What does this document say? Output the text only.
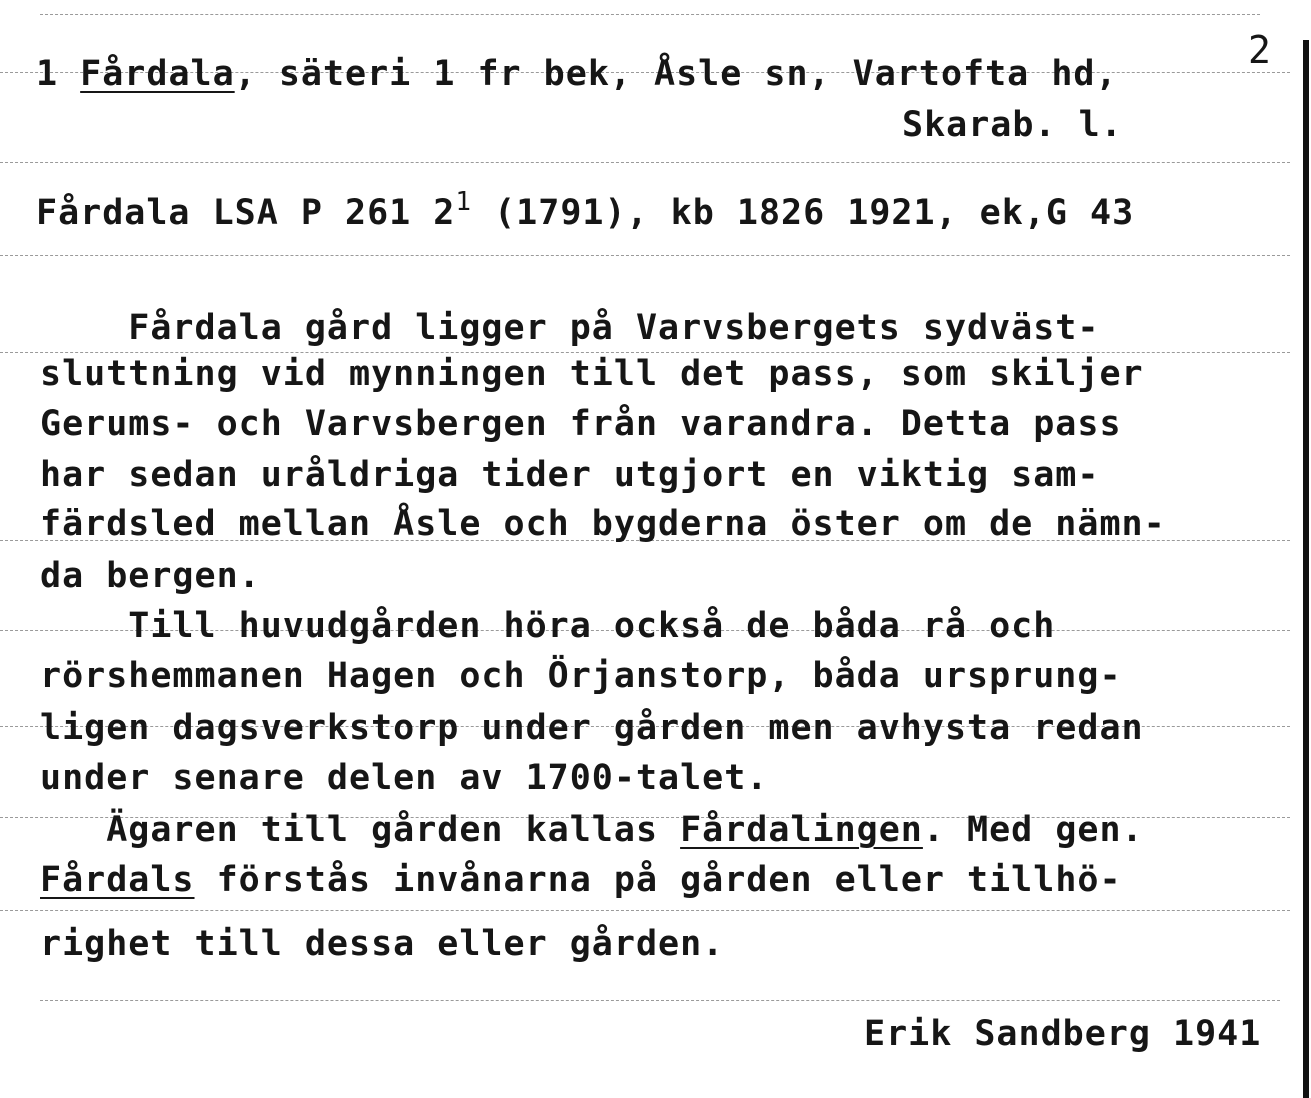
1 Fårdala, säteri 1 fr bek, Åsle sn, Vartofta hd,
2
Skarab. l.
Fårdala LSA P 261 $2^1$ (1791), kb 1826 1921, ek,G 43
Fårdala gård ligger på Varvsbergets sydväst-
sluttning vid mynningen till det pass, som skiljer
Gerums- och Varvsbergen från varandra. Detta pass
har sedan uråldriga tider utgjort en viktig sam-
färdsled mellan Åsle och bygderna öster om de nämn-
da bergen.
Till huvudgården höra också de båda rå och
rörshemmanen Hagen och Örjanstorp, båda ursprung-
ligen dagsverkstorp under gården men avhysta redan
under senare delen av 1700-talet.
Ägaren till gården kallas Fårdalingen. Med gen.
Fårdals förstås invånarna på gården eller tillhö-
righet till dessa eller gården.
Erik Sandberg 1941
